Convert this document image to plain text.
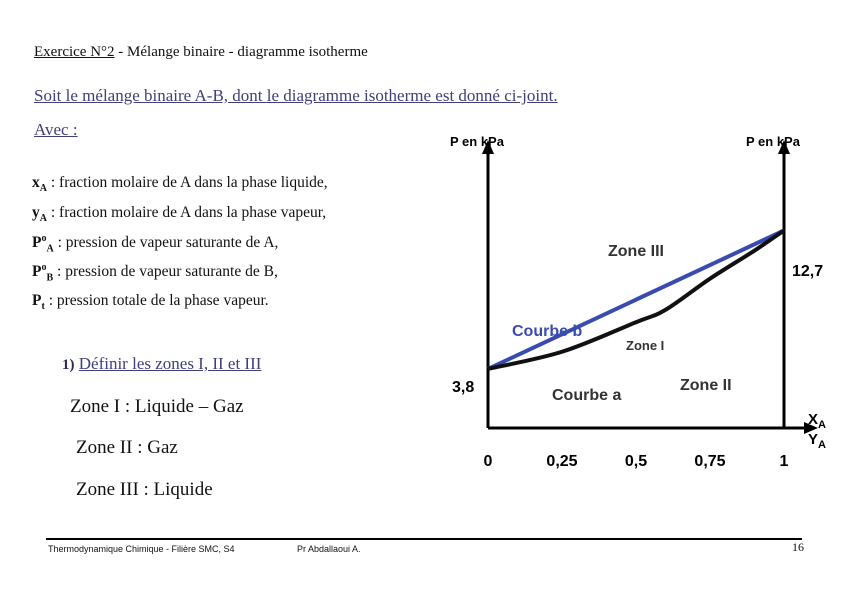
Exercice N°2 - Mélange binaire - diagramme isotherme
Soit le mélange binaire A-B, dont le diagramme isotherme est donné ci-joint.
Avec :
$x_A$ : fraction molaire de A dans la phase liquide,
$y_A$ : fraction molaire de A dans la phase vapeur,
$P^o_A$ : pression de vapeur saturante de A,
$P^o_B$ : pression de vapeur saturante de B,
$P_t$ : pression totale de la phase vapeur.
1) Définir les zones I, II et III
Zone I : Liquide – Gaz
Zone II : Gaz
Zone III : Liquide
P en kPa	P en kPa
$X_A$
$Y_A$
0	0,25	0,5	0,75	1
3,8
12,7
Zone III
Zone I
Zone II
Courbe b
Courbe a
Thermodynamique Chimique - Filière SMC, S4	Pr Abdallaoui A.	16
